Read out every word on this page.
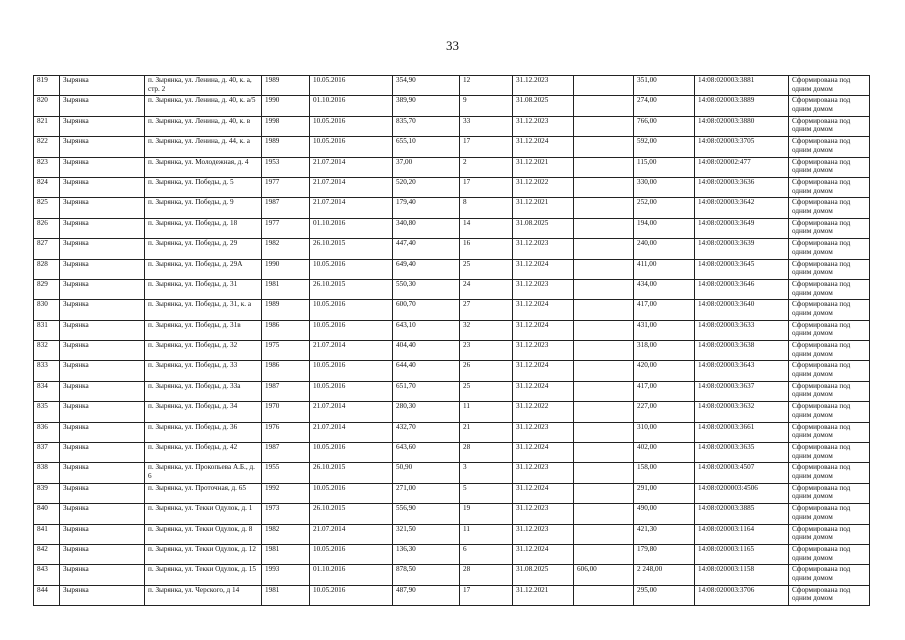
33
819	Зырянка	п. Зырянка, ул. Ленина, д. 40, к. а, стр. 2	1989	10.05.2016	354,90	12	31.12.2023		351,00	14:08:020003:3881	Сформирована под одним домом
820	Зырянка	п. Зырянка, ул. Ленина, д. 40, к. а/5	1990	01.10.2016	389,90	9	31.08.2025		274,00	14:08:020003:3889	Сформирована под одним домом
821	Зырянка	п. Зырянка, ул. Ленина, д. 40, к. в	1998	10.05.2016	835,70	33	31.12.2023		766,00	14:08:020003:3880	Сформирована под одним домом
822	Зырянка	п. Зырянка, ул. Ленина, д. 44, к. а	1989	10.05.2016	655,10	17	31.12.2024		592,00	14:08:020003:3705	Сформирована под одним домом
823	Зырянка	п. Зырянка, ул. Молодежная, д. 4	1953	21.07.2014	37,00	2	31.12.2021		115,00	14:08:020002:477	Сформирована под одним домом
824	Зырянка	п. Зырянка, ул. Победы, д. 5	1977	21.07.2014	520,20	17	31.12.2022		330,00	14:08:020003:3636	Сформирована под одним домом
825	Зырянка	п. Зырянка, ул. Победы, д. 9	1987	21.07.2014	179,40	8	31.12.2021		252,00	14:08:020003:3642	Сформирована под одним домом
826	Зырянка	п. Зырянка, ул. Победы, д. 18	1977	01.10.2016	340,80	14	31.08.2025		194,00	14:08:020003:3649	Сформирована под одним домом
827	Зырянка	п. Зырянка, ул. Победы, д. 29	1982	26.10.2015	447,40	16	31.12.2023		240,00	14:08:020003:3639	Сформирована под одним домом
828	Зырянка	п. Зырянка, ул. Победы, д. 29А	1990	10.05.2016	649,40	25	31.12.2024		411,00	14:08:020003:3645	Сформирована под одним домом
829	Зырянка	п. Зырянка, ул. Победы, д. 31	1981	26.10.2015	550,30	24	31.12.2023		434,00	14:08:020003:3646	Сформирована под одним домом
830	Зырянка	п. Зырянка, ул. Победы, д. 31, к. а	1989	10.05.2016	600,70	27	31.12.2024		417,00	14:08:020003:3640	Сформирована под одним домом
831	Зырянка	п. Зырянка, ул. Победы, д. 31в	1986	10.05.2016	643,10	32	31.12.2024		431,00	14:08:020003:3633	Сформирована под одним домом
832	Зырянка	п. Зырянка, ул. Победы, д. 32	1975	21.07.2014	404,40	23	31.12.2023		318,00	14:08:020003:3638	Сформирована под одним домом
833	Зырянка	п. Зырянка, ул. Победы, д. 33	1986	10.05.2016	644,40	26	31.12.2024		420,00	14:08:020003:3643	Сформирована под одним домом
834	Зырянка	п. Зырянка, ул. Победы, д. 33а	1987	10.05.2016	651,70	25	31.12.2024		417,00	14:08:020003:3637	Сформирована под одним домом
835	Зырянка	п. Зырянка, ул. Победы, д. 34	1970	21.07.2014	280,30	11	31.12.2022		227,00	14:08:020003:3632	Сформирована под одним домом
836	Зырянка	п. Зырянка, ул. Победы, д. 36	1976	21.07.2014	432,70	21	31.12.2023		310,00	14:08:020003:3661	Сформирована под одним домом
837	Зырянка	п. Зырянка, ул. Победы, д. 42	1987	10.05.2016	643,60	28	31.12.2024		402,00	14:08:020003:3635	Сформирована под одним домом
838	Зырянка	п. Зырянка, ул. Прокопьева А.Б., д. 6	1955	26.10.2015	50,90	3	31.12.2023		158,00	14:08:020003:4507	Сформирована под одним домом
839	Зырянка	п. Зырянка, ул. Проточная, д. 65	1992	10.05.2016	271,00	5	31.12.2024		291,00	14:08:0200003:4506	Сформирована под одним домом
840	Зырянка	п. Зырянка, ул. Текки Одулок, д. 1	1973	26.10.2015	556,90	19	31.12.2023		490,00	14:08:020003:3885	Сформирована под одним домом
841	Зырянка	п. Зырянка, ул. Текки Одулок, д. 8	1982	21.07.2014	321,50	11	31.12.2023		421,30	14:08:020003:1164	Сформирована под одним домом
842	Зырянка	п. Зырянка, ул. Текки Одулок, д. 12	1981	10.05.2016	136,30	6	31.12.2024		179,80	14:08:020003:1165	Сформирована под одним домом
843	Зырянка	п. Зырянка, ул. Текки Одулок, д. 15	1993	01.10.2016	878,50	28	31.08.2025	606,00	2 248,00	14:08:020003:1158	Сформирована под одним домом
844	Зырянка	п. Зырянка, ул. Черского, д 14	1981	10.05.2016	487,90	17	31.12.2021		295,00	14:08:020003:3706	Сформирована под одним домом
